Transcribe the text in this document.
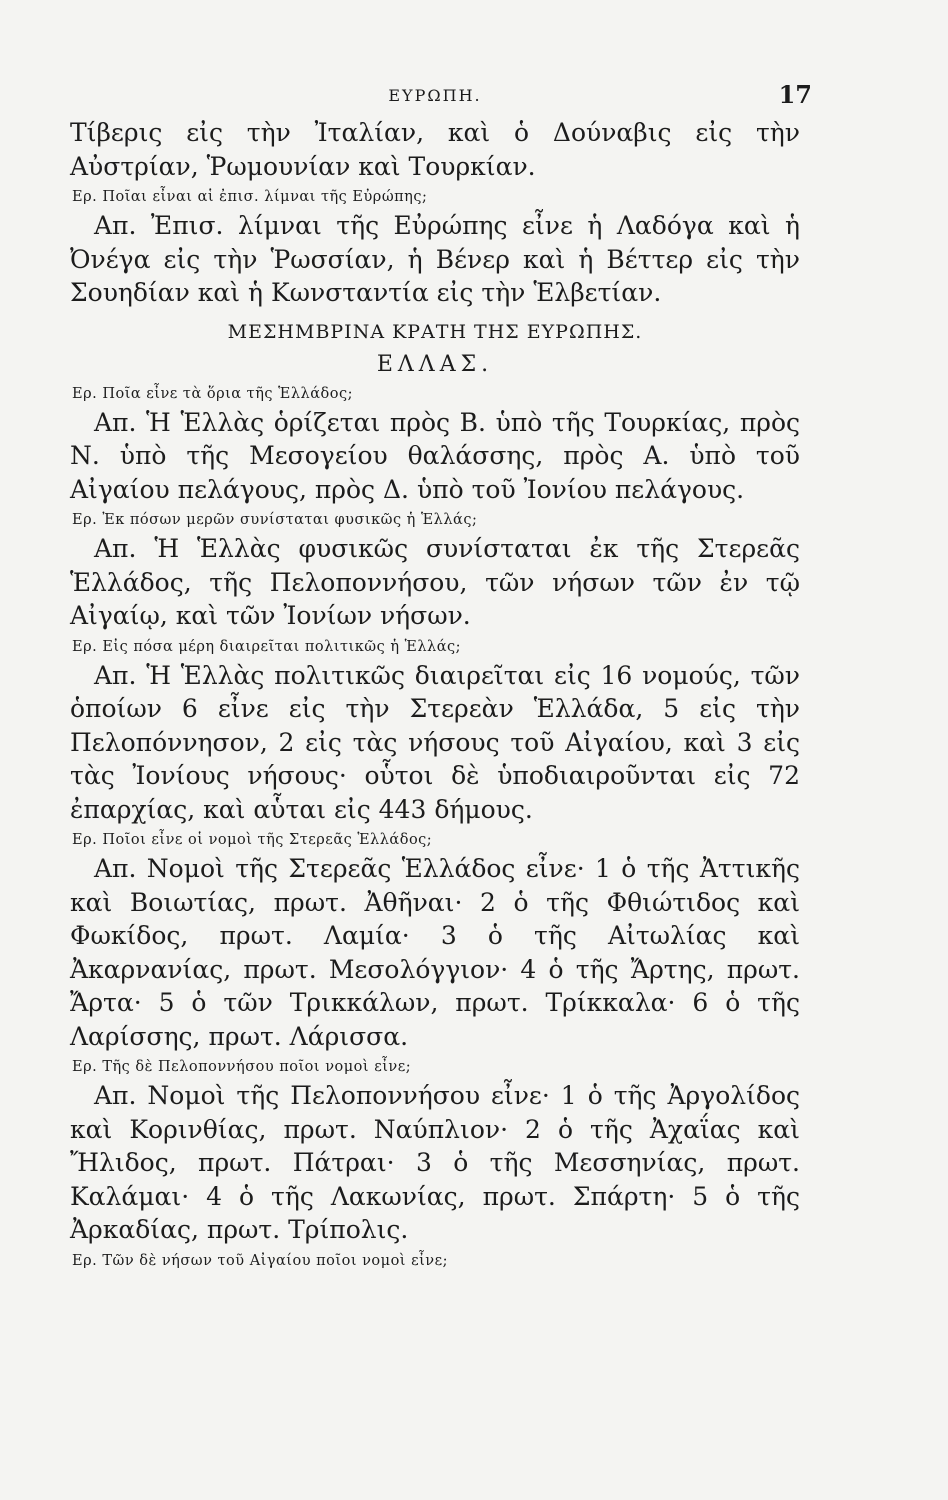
ΕΥΡΩΠΗ.	17

Τίβερις εἰς τὴν Ἰταλίαν, καὶ ὁ Δούναβις εἰς τὴν Αὐστρίαν, Ῥωμουνίαν καὶ Τουρκίαν.

Ερ. Ποῖαι εἶναι αἱ ἐπισ. λίμναι τῆς Εὐρώπης;

Απ. Ἐπισ. λίμναι τῆς Εὐρώπης εἶνε ἡ Λαδόγα καὶ ἡ Ὀνέγα εἰς τὴν Ῥωσσίαν, ἡ Βένερ καὶ ἡ Βέττερ εἰς τὴν Σουηδίαν καὶ ἡ Κωνσταντία εἰς τὴν Ἑλβετίαν.

ΜΕΣΗΜΒΡΙΝΑ ΚΡΑΤΗ ΤΗΣ ΕΥΡΩΠΗΣ.
ΕΛΛΑΣ.

Ερ. Ποῖα εἶνε τὰ ὅρια τῆς Ἑλλάδος;

Απ. Ἡ Ἑλλὰς ὁρίζεται πρὸς Β. ὑπὸ τῆς Τουρκίας, πρὸς Ν. ὑπὸ τῆς Μεσογείου θαλάσσης, πρὸς Α. ὑπὸ τοῦ Αἰγαίου πελάγους, πρὸς Δ. ὑπὸ τοῦ Ἰονίου πελάγους.

Ερ. Ἐκ πόσων μερῶν συνίσταται φυσικῶς ἡ Ἑλλάς;

Απ. Ἡ Ἑλλὰς φυσικῶς συνίσταται ἐκ τῆς Στερεᾶς Ἑλλάδος, τῆς Πελοποννήσου, τῶν νήσων τῶν ἐν τῷ Αἰγαίῳ, καὶ τῶν Ἰονίων νήσων.

Ερ. Εἰς πόσα μέρη διαιρεῖται πολιτικῶς ἡ Ἑλλάς;

Απ. Ἡ Ἑλλὰς πολιτικῶς διαιρεῖται εἰς 16 νομούς, τῶν ὁποίων 6 εἶνε εἰς τὴν Στερεὰν Ἑλλάδα, 5 εἰς τὴν Πελοπόννησον, 2 εἰς τὰς νήσους τοῦ Αἰγαίου, καὶ 3 εἰς τὰς Ἰονίους νήσους· οὗτοι δὲ ὑποδιαιροῦνται εἰς 72 ἐπαρχίας, καὶ αὗται εἰς 443 δήμους.

Ερ. Ποῖοι εἶνε οἱ νομοὶ τῆς Στερεᾶς Ἑλλάδος;

Απ. Νομοὶ τῆς Στερεᾶς Ἑλλάδος εἶνε· 1 ὁ τῆς Ἀττικῆς καὶ Βοιωτίας, πρωτ. Ἀθῆναι· 2 ὁ τῆς Φθιώτιδος καὶ Φωκίδος, πρωτ. Λαμία· 3 ὁ τῆς Αἰτωλίας καὶ Ἀκαρνανίας, πρωτ. Μεσολόγγιον· 4 ὁ τῆς Ἄρτης, πρωτ. Ἄρτα· 5 ὁ τῶν Τρικκάλων, πρωτ. Τρίκκαλα· 6 ὁ τῆς Λαρίσσης, πρωτ. Λάρισσα.

Ερ. Τῆς δὲ Πελοποννήσου ποῖοι νομοὶ εἶνε;

Απ. Νομοὶ τῆς Πελοποννήσου εἶνε· 1 ὁ τῆς Ἀργολίδος καὶ Κορινθίας, πρωτ. Ναύπλιον· 2 ὁ τῆς Ἀχαΐας καὶ Ἤλιδος, πρωτ. Πάτραι· 3 ὁ τῆς Μεσσηνίας, πρωτ. Καλάμαι· 4 ὁ τῆς Λακωνίας, πρωτ. Σπάρτη· 5 ὁ τῆς Ἀρκαδίας, πρωτ. Τρίπολις.

Ερ. Τῶν δὲ νήσων τοῦ Αἰγαίου ποῖοι νομοὶ εἶνε;
